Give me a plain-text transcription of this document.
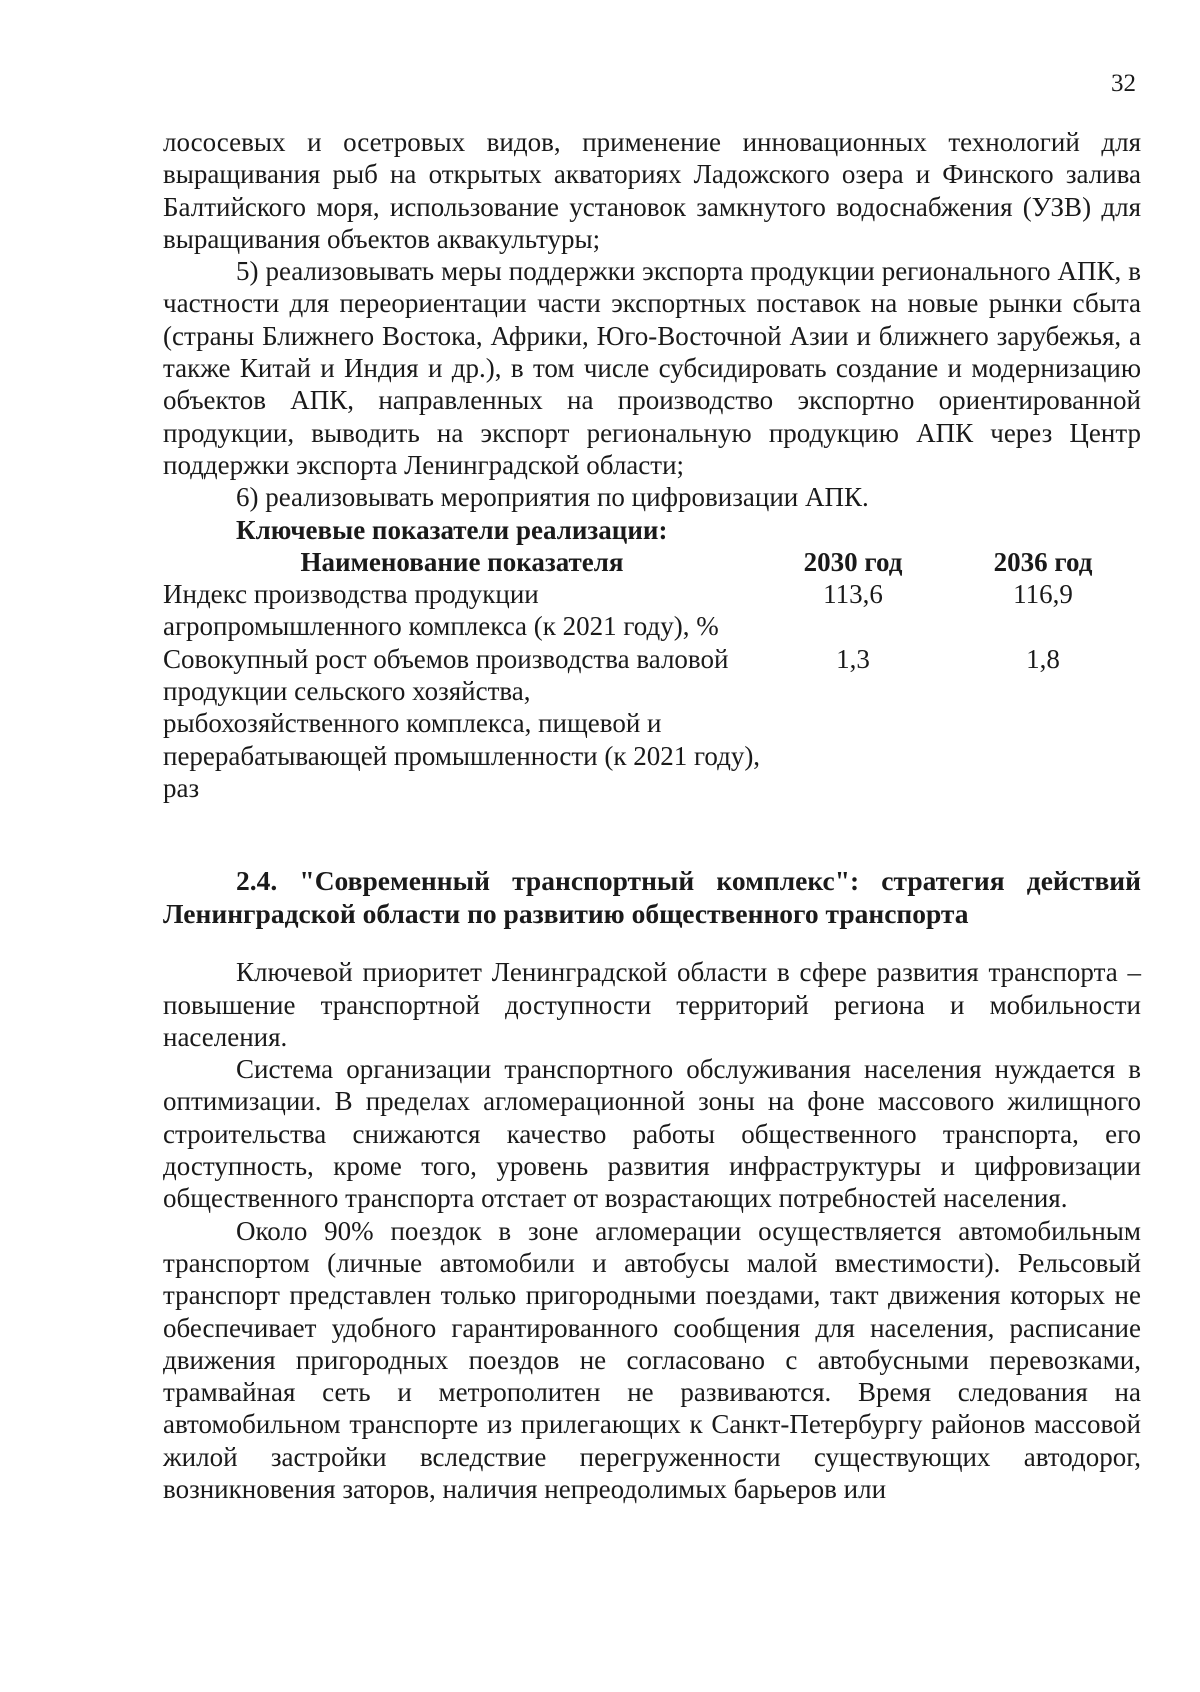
32

лососевых и осетровых видов, применение инновационных технологий для выращивания рыб на открытых акваториях Ладожского озера и Финского залива Балтийского моря, использование установок замкнутого водоснабжения (УЗВ) для выращивания объектов аквакультуры;

5) реализовывать меры поддержки экспорта продукции регионального АПК, в частности для переориентации части экспортных поставок на новые рынки сбыта (страны Ближнего Востока, Африки, Юго-Восточной Азии и ближнего зарубежья, а также Китай и Индия и др.), в том числе субсидировать создание и модернизацию объектов АПК, направленных на производство экспортно ориентированной продукции, выводить на экспорт региональную продукцию АПК через Центр поддержки экспорта Ленинградской области;

6) реализовывать мероприятия по цифровизации АПК.

Ключевые показатели реализации:

Наименование показателя	2030 год	2036 год
Индекс производства продукции агропромышленного комплекса (к 2021 году), %	113,6	116,9
Совокупный рост объемов производства валовой продукции сельского хозяйства, рыбохозяйственного комплекса, пищевой и перерабатывающей промышленности (к 2021 году), раз	1,3	1,8

2.4. "Современный транспортный комплекс": стратегия действий Ленинградской области по развитию общественного транспорта

Ключевой приоритет Ленинградской области в сфере развития транспорта – повышение транспортной доступности территорий региона и мобильности населения.

Система организации транспортного обслуживания населения нуждается в оптимизации. В пределах агломерационной зоны на фоне массового жилищного строительства снижаются качество работы общественного транспорта, его доступность, кроме того, уровень развития инфраструктуры и цифровизации общественного транспорта отстает от возрастающих потребностей населения.

Около 90% поездок в зоне агломерации осуществляется автомобильным транспортом (личные автомобили и автобусы малой вместимости). Рельсовый транспорт представлен только пригородными поездами, такт движения которых не обеспечивает удобного гарантированного сообщения для населения, расписание движения пригородных поездов не согласовано с автобусными перевозками, трамвайная сеть и метрополитен не развиваются. Время следования на автомобильном транспорте из прилегающих к Санкт-Петербургу районов массовой жилой застройки вследствие перегруженности существующих автодорог, возникновения заторов, наличия непреодолимых барьеров или
